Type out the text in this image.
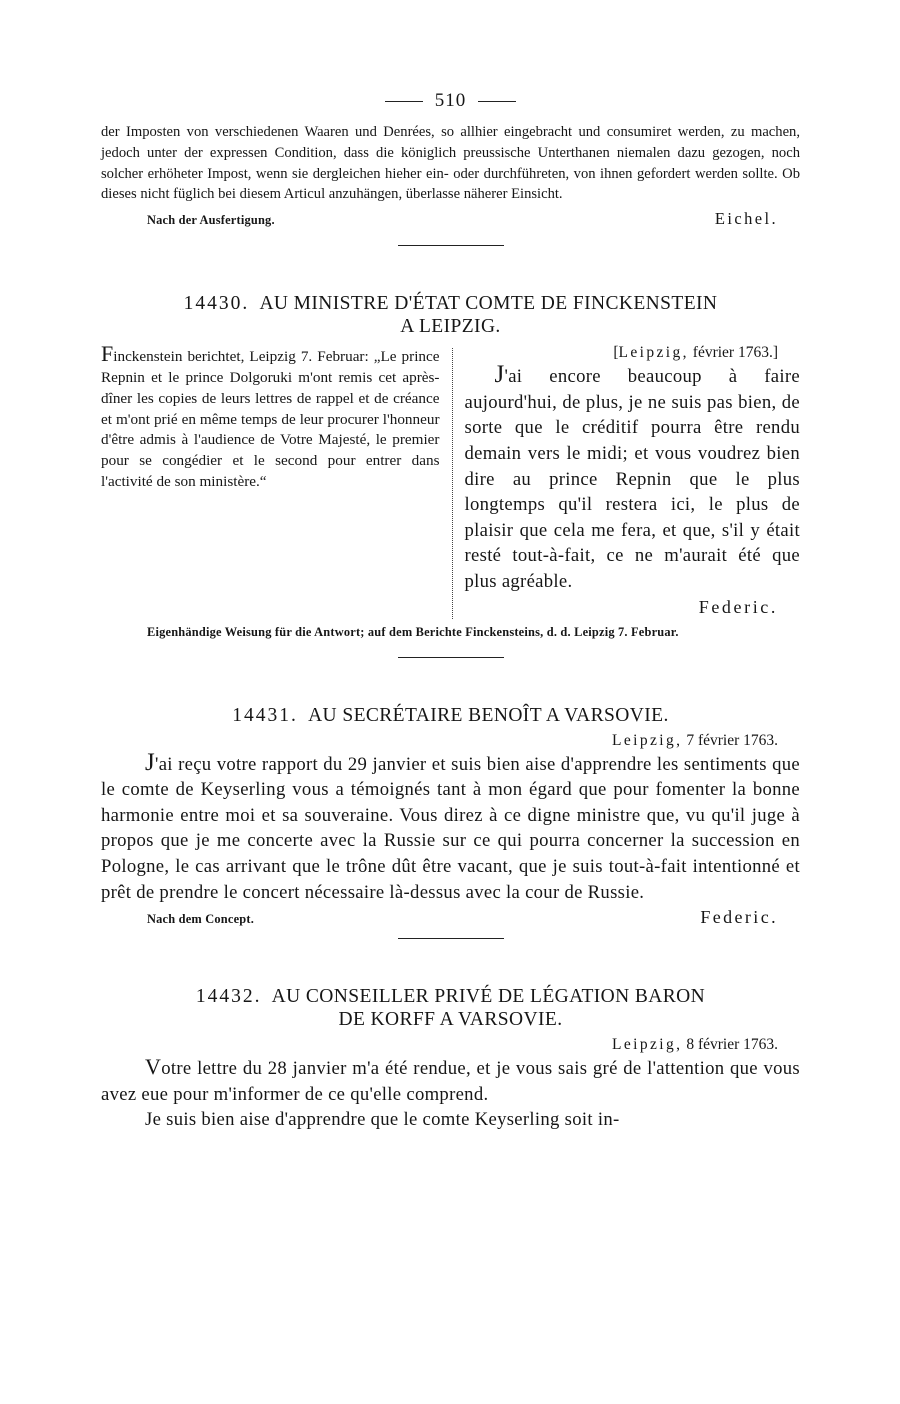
510

der Imposten von verschiedenen Waaren und Denrées, so allhier eingebracht und consumiret werden, zu machen, jedoch unter der expressen Condition, dass die königlich preussische Unterthanen niemalen dazu gezogen, noch solcher erhöheter Impost, wenn sie dergleichen hieher ein- oder durchführeten, von ihnen gefordert werden sollte. Ob dieses nicht füglich bei diesem Articul anzuhängen, überlasse näherer Einsicht.

Nach der Ausfertigung.	Eichel.
14430. AU MINISTRE D'ÉTAT COMTE DE FINCKENSTEIN
A LEIPZIG.
Finckenstein berichtet, Leipzig 7. Februar: „Le prince Repnin et le prince Dolgoruki m'ont remis cet après-dîner les copies de leurs lettres de rappel et de créance et m'ont prié en même temps de leur procurer l'honneur d'être admis à l'audience de Votre Majesté, le premier pour se congédier et le second pour entrer dans l'activité de son ministère.“
[Leipzig, février 1763.]

J'ai encore beaucoup à faire aujourd'hui, de plus, je ne suis pas bien, de sorte que le créditif pourra être rendu demain vers le midi; et vous voudrez bien dire au prince Repnin que le plus longtemps qu'il restera ici, le plus de plaisir que cela me fera, et que, s'il y était resté tout-à-fait, ce ne m'aurait été que plus agréable.

Federic.

Eigenhändige Weisung für die Antwort; auf dem Berichte Finckensteins, d. d. Leipzig 7. Februar.

14431. AU SECRÉTAIRE BENOÎT A VARSOVIE.
Leipzig, 7 février 1763.

J'ai reçu votre rapport du 29 janvier et suis bien aise d'apprendre les sentiments que le comte de Keyserling vous a témoignés tant à mon égard que pour fomenter la bonne harmonie entre moi et sa souveraine. Vous direz à ce digne ministre que, vu qu'il juge à propos que je me concerte avec la Russie sur ce qui pourra concerner la succession en Pologne, le cas arrivant que le trône dût être vacant, que je suis tout-à-fait intentionné et prêt de prendre le concert nécessaire là-dessus avec la cour de Russie.

Nach dem Concept.	Federic.
14432. AU CONSEILLER PRIVÉ DE LÉGATION BARON
DE KORFF A VARSOVIE.
Leipzig, 8 février 1763.

Votre lettre du 28 janvier m'a été rendue, et je vous sais gré de l'attention que vous avez eue pour m'informer de ce qu'elle comprend.

Je suis bien aise d'apprendre que le comte Keyserling soit in-
